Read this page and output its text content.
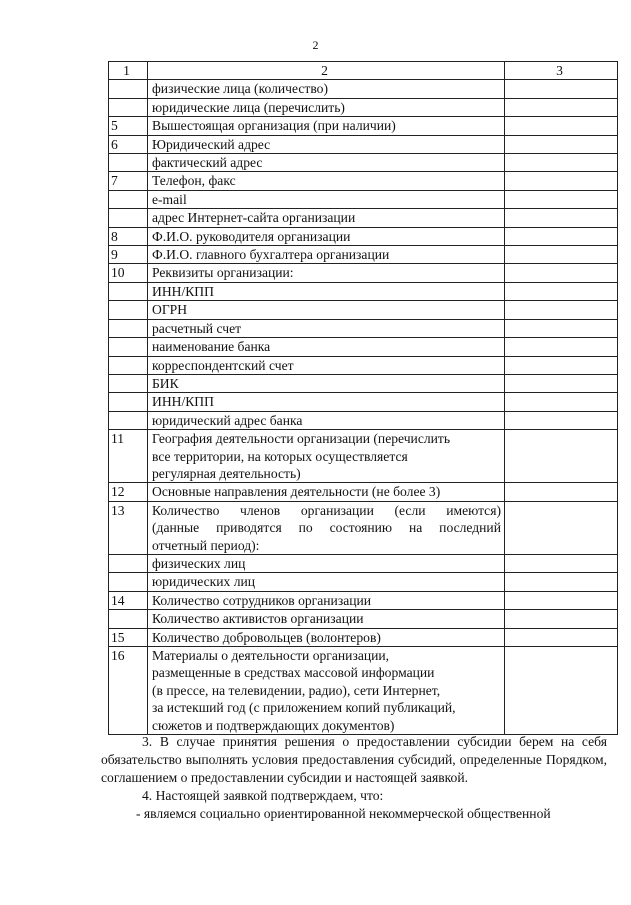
2
1	2	3

	физические лица (количество)	

	юридические лица (перечислить)	

5	Вышестоящая организация (при наличии)	

6	Юридический адрес	

	фактический адрес	

7	Телефон, факс	

	e-mail	

	адрес Интернет-сайта организации	

8	Ф.И.О. руководителя организации	

9	Ф.И.О. главного бухгалтера организации	

10	Реквизиты организации:	

	ИНН/КПП	

	ОГРН	

	расчетный счет	

	наименование банка	

	корреспондентский счет	

	БИК	

	ИНН/КПП	

	юридический адрес банка	

11	География деятельности организации (перечислить
все территории, на которых осуществляется
регулярная деятельность)	

12	Основные направления деятельности (не более 3)	

13	Количество членов организации (если имеются)
(данные приводятся по состоянию на последний
отчетный период):	

	физических лиц	

	юридических лиц	

14	Количество сотрудников организации	

	Количество активистов организации	

15	Количество добровольцев (волонтеров)	

16	Материалы о деятельности организации,
размещенные в средствах массовой информации
(в прессе, на телевидении, радио), сети Интернет,
за истекший год (с приложением копий публикаций,
сюжетов и подтверждающих документов)	

3. В случае принятия решения о предоставлении субсидии берем на себя обязательство выполнять условия предоставления субсидий, определенные Порядком, соглашением о предоставлении субсидии и настоящей заявкой.

4. Настоящей заявкой подтверждаем, что:

- являемся социально ориентированной некоммерческой общественной
